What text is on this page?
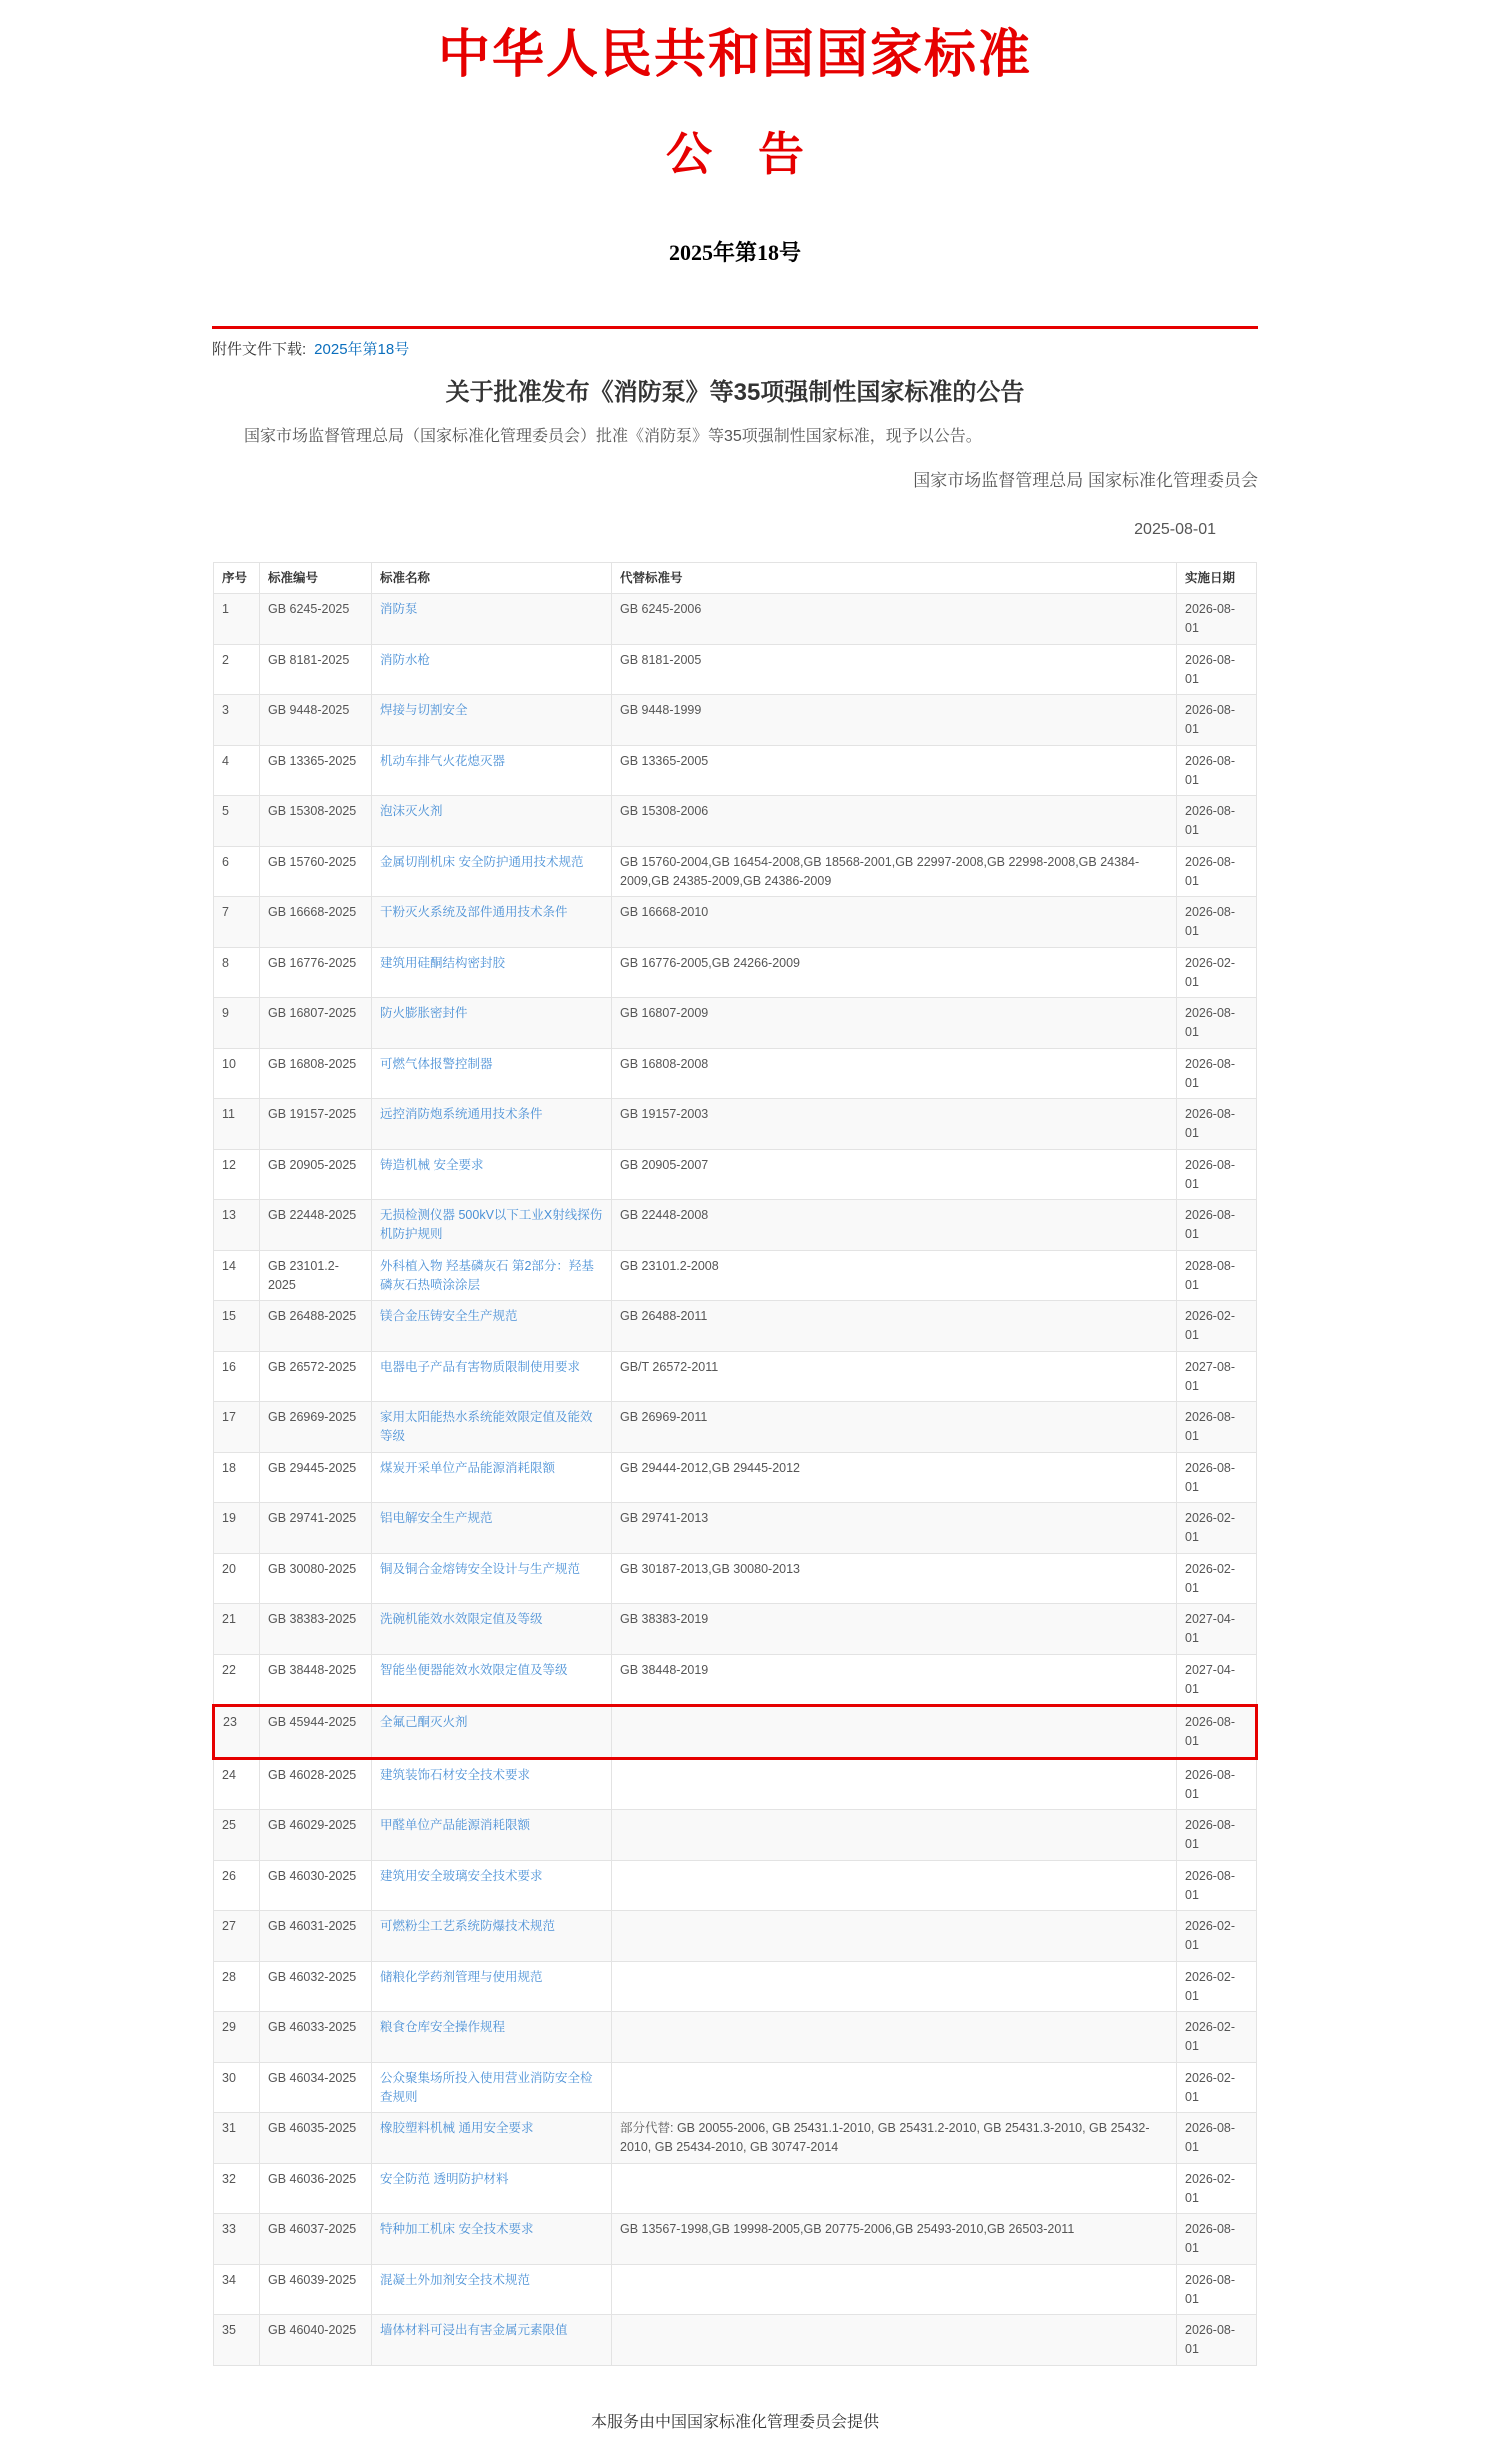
中华人民共和国国家标准
公　告
2025年第18号
附件文件下载: 2025年第18号
关于批准发布《消防泵》等35项强制性国家标准的公告
国家市场监督管理总局（国家标准化管理委员会）批准《消防泵》等35项强制性国家标准，现予以公告。
国家市场监督管理总局 国家标准化管理委员会
2025-08-01
序号	标准编号	标准名称	代替标准号	实施日期
1	GB 6245-2025	消防泵	GB 6245-2006	2026-08-01
2	GB 8181-2025	消防水枪	GB 8181-2005	2026-08-01
3	GB 9448-2025	焊接与切割安全	GB 9448-1999	2026-08-01
4	GB 13365-2025	机动车排气火花熄灭器	GB 13365-2005	2026-08-01
5	GB 15308-2025	泡沫灭火剂	GB 15308-2006	2026-08-01
6	GB 15760-2025	金属切削机床 安全防护通用技术规范	GB 15760-2004,GB 16454-2008,GB 18568-2001,GB 22997-2008,GB 22998-2008,GB 24384-2009,GB 24385-2009,GB 24386-2009	2026-08-01
7	GB 16668-2025	干粉灭火系统及部件通用技术条件	GB 16668-2010	2026-08-01
8	GB 16776-2025	建筑用硅酮结构密封胶	GB 16776-2005,GB 24266-2009	2026-02-01
9	GB 16807-2025	防火膨胀密封件	GB 16807-2009	2026-08-01
10	GB 16808-2025	可燃气体报警控制器	GB 16808-2008	2026-08-01
11	GB 19157-2025	远控消防炮系统通用技术条件	GB 19157-2003	2026-08-01
12	GB 20905-2025	铸造机械 安全要求	GB 20905-2007	2026-08-01
13	GB 22448-2025	无损检测仪器 500kV以下工业X射线探伤机防护规则	GB 22448-2008	2026-08-01
14	GB 23101.2-2025	外科植入物 羟基磷灰石 第2部分：羟基磷灰石热喷涂涂层	GB 23101.2-2008	2028-08-01
15	GB 26488-2025	镁合金压铸安全生产规范	GB 26488-2011	2026-02-01
16	GB 26572-2025	电器电子产品有害物质限制使用要求	GB/T 26572-2011	2027-08-01
17	GB 26969-2025	家用太阳能热水系统能效限定值及能效等级	GB 26969-2011	2026-08-01
18	GB 29445-2025	煤炭开采单位产品能源消耗限额	GB 29444-2012,GB 29445-2012	2026-08-01
19	GB 29741-2025	铝电解安全生产规范	GB 29741-2013	2026-02-01
20	GB 30080-2025	铜及铜合金熔铸安全设计与生产规范	GB 30187-2013,GB 30080-2013	2026-02-01
21	GB 38383-2025	洗碗机能效水效限定值及等级	GB 38383-2019	2027-04-01
22	GB 38448-2025	智能坐便器能效水效限定值及等级	GB 38448-2019	2027-04-01
23	GB 45944-2025	全氟己酮灭火剂		2026-08-01
24	GB 46028-2025	建筑装饰石材安全技术要求		2026-08-01
25	GB 46029-2025	甲醛单位产品能源消耗限额		2026-08-01
26	GB 46030-2025	建筑用安全玻璃安全技术要求		2026-08-01
27	GB 46031-2025	可燃粉尘工艺系统防爆技术规范		2026-02-01
28	GB 46032-2025	储粮化学药剂管理与使用规范		2026-02-01
29	GB 46033-2025	粮食仓库安全操作规程		2026-02-01
30	GB 46034-2025	公众聚集场所投入使用营业消防安全检查规则		2026-02-01
31	GB 46035-2025	橡胶塑料机械 通用安全要求	部分代替: GB 20055-2006, GB 25431.1-2010, GB 25431.2-2010, GB 25431.3-2010, GB 25432-2010, GB 25434-2010, GB 30747-2014	2026-08-01
32	GB 46036-2025	安全防范 透明防护材料		2026-02-01
33	GB 46037-2025	特种加工机床 安全技术要求	GB 13567-1998,GB 19998-2005,GB 20775-2006,GB 25493-2010,GB 26503-2011	2026-08-01
34	GB 46039-2025	混凝土外加剂安全技术规范		2026-08-01
35	GB 46040-2025	墙体材料可浸出有害金属元素限值		2026-08-01
本服务由中国国家标准化管理委员会提供
